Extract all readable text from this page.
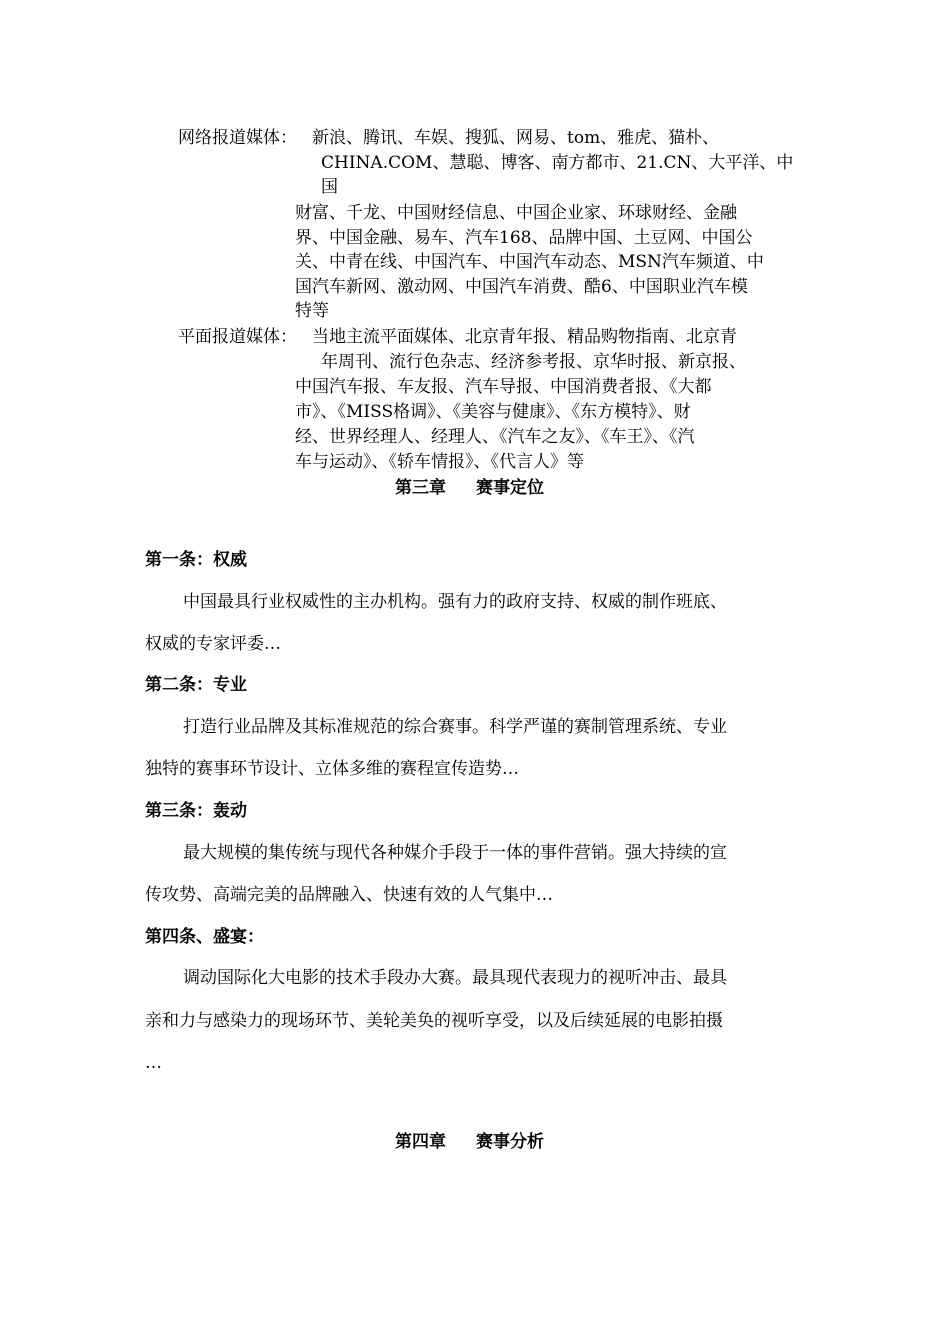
网络报道媒体： 新浪、腾讯、车娱、搜狐、网易、tom、雅虎、猫朴、
CHINA.COM、慧聪、博客、南方都市、21.CN、大平洋、中
国
财富、千龙、中国财经信息、中国企业家、环球财经、金融
界、中国金融、易车、汽车168、品牌中国、土豆网、中国公
关、中青在线、中国汽车、中国汽车动态、MSN汽车频道、中
国汽车新网、激动网、中国汽车消费、酷6、中国职业汽车模
特等
平面报道媒体： 当地主流平面媒体、北京青年报、精品购物指南、北京青
年周刊、流行色杂志、经济参考报、京华时报、新京报、
中国汽车报、车友报、汽车导报、中国消费者报、《大都
市》、《MISS格调》、《美容与健康》、《东方模特》、财
经、世界经理人、经理人、《汽车之友》、《车王》、《汽
车与运动》、《轿车情报》、《代言人》等
第三章 赛事定位
第一条：权威
中国最具行业权威性的主办机构。强有力的政府支持、权威的制作班底、
权威的专家评委…
第二条：专业
打造行业品牌及其标准规范的综合赛事。科学严谨的赛制管理系统、专业
独特的赛事环节设计、立体多维的赛程宣传造势…
第三条：轰动
最大规模的集传统与现代各种媒介手段于一体的事件营销。强大持续的宣
传攻势、高端完美的品牌融入、快速有效的人气集中…
第四条、盛宴：
调动国际化大电影的技术手段办大赛。最具现代表现力的视听冲击、最具
亲和力与感染力的现场环节、美轮美奂的视听享受，以及后续延展的电影拍摄
…
第四章 赛事分析
